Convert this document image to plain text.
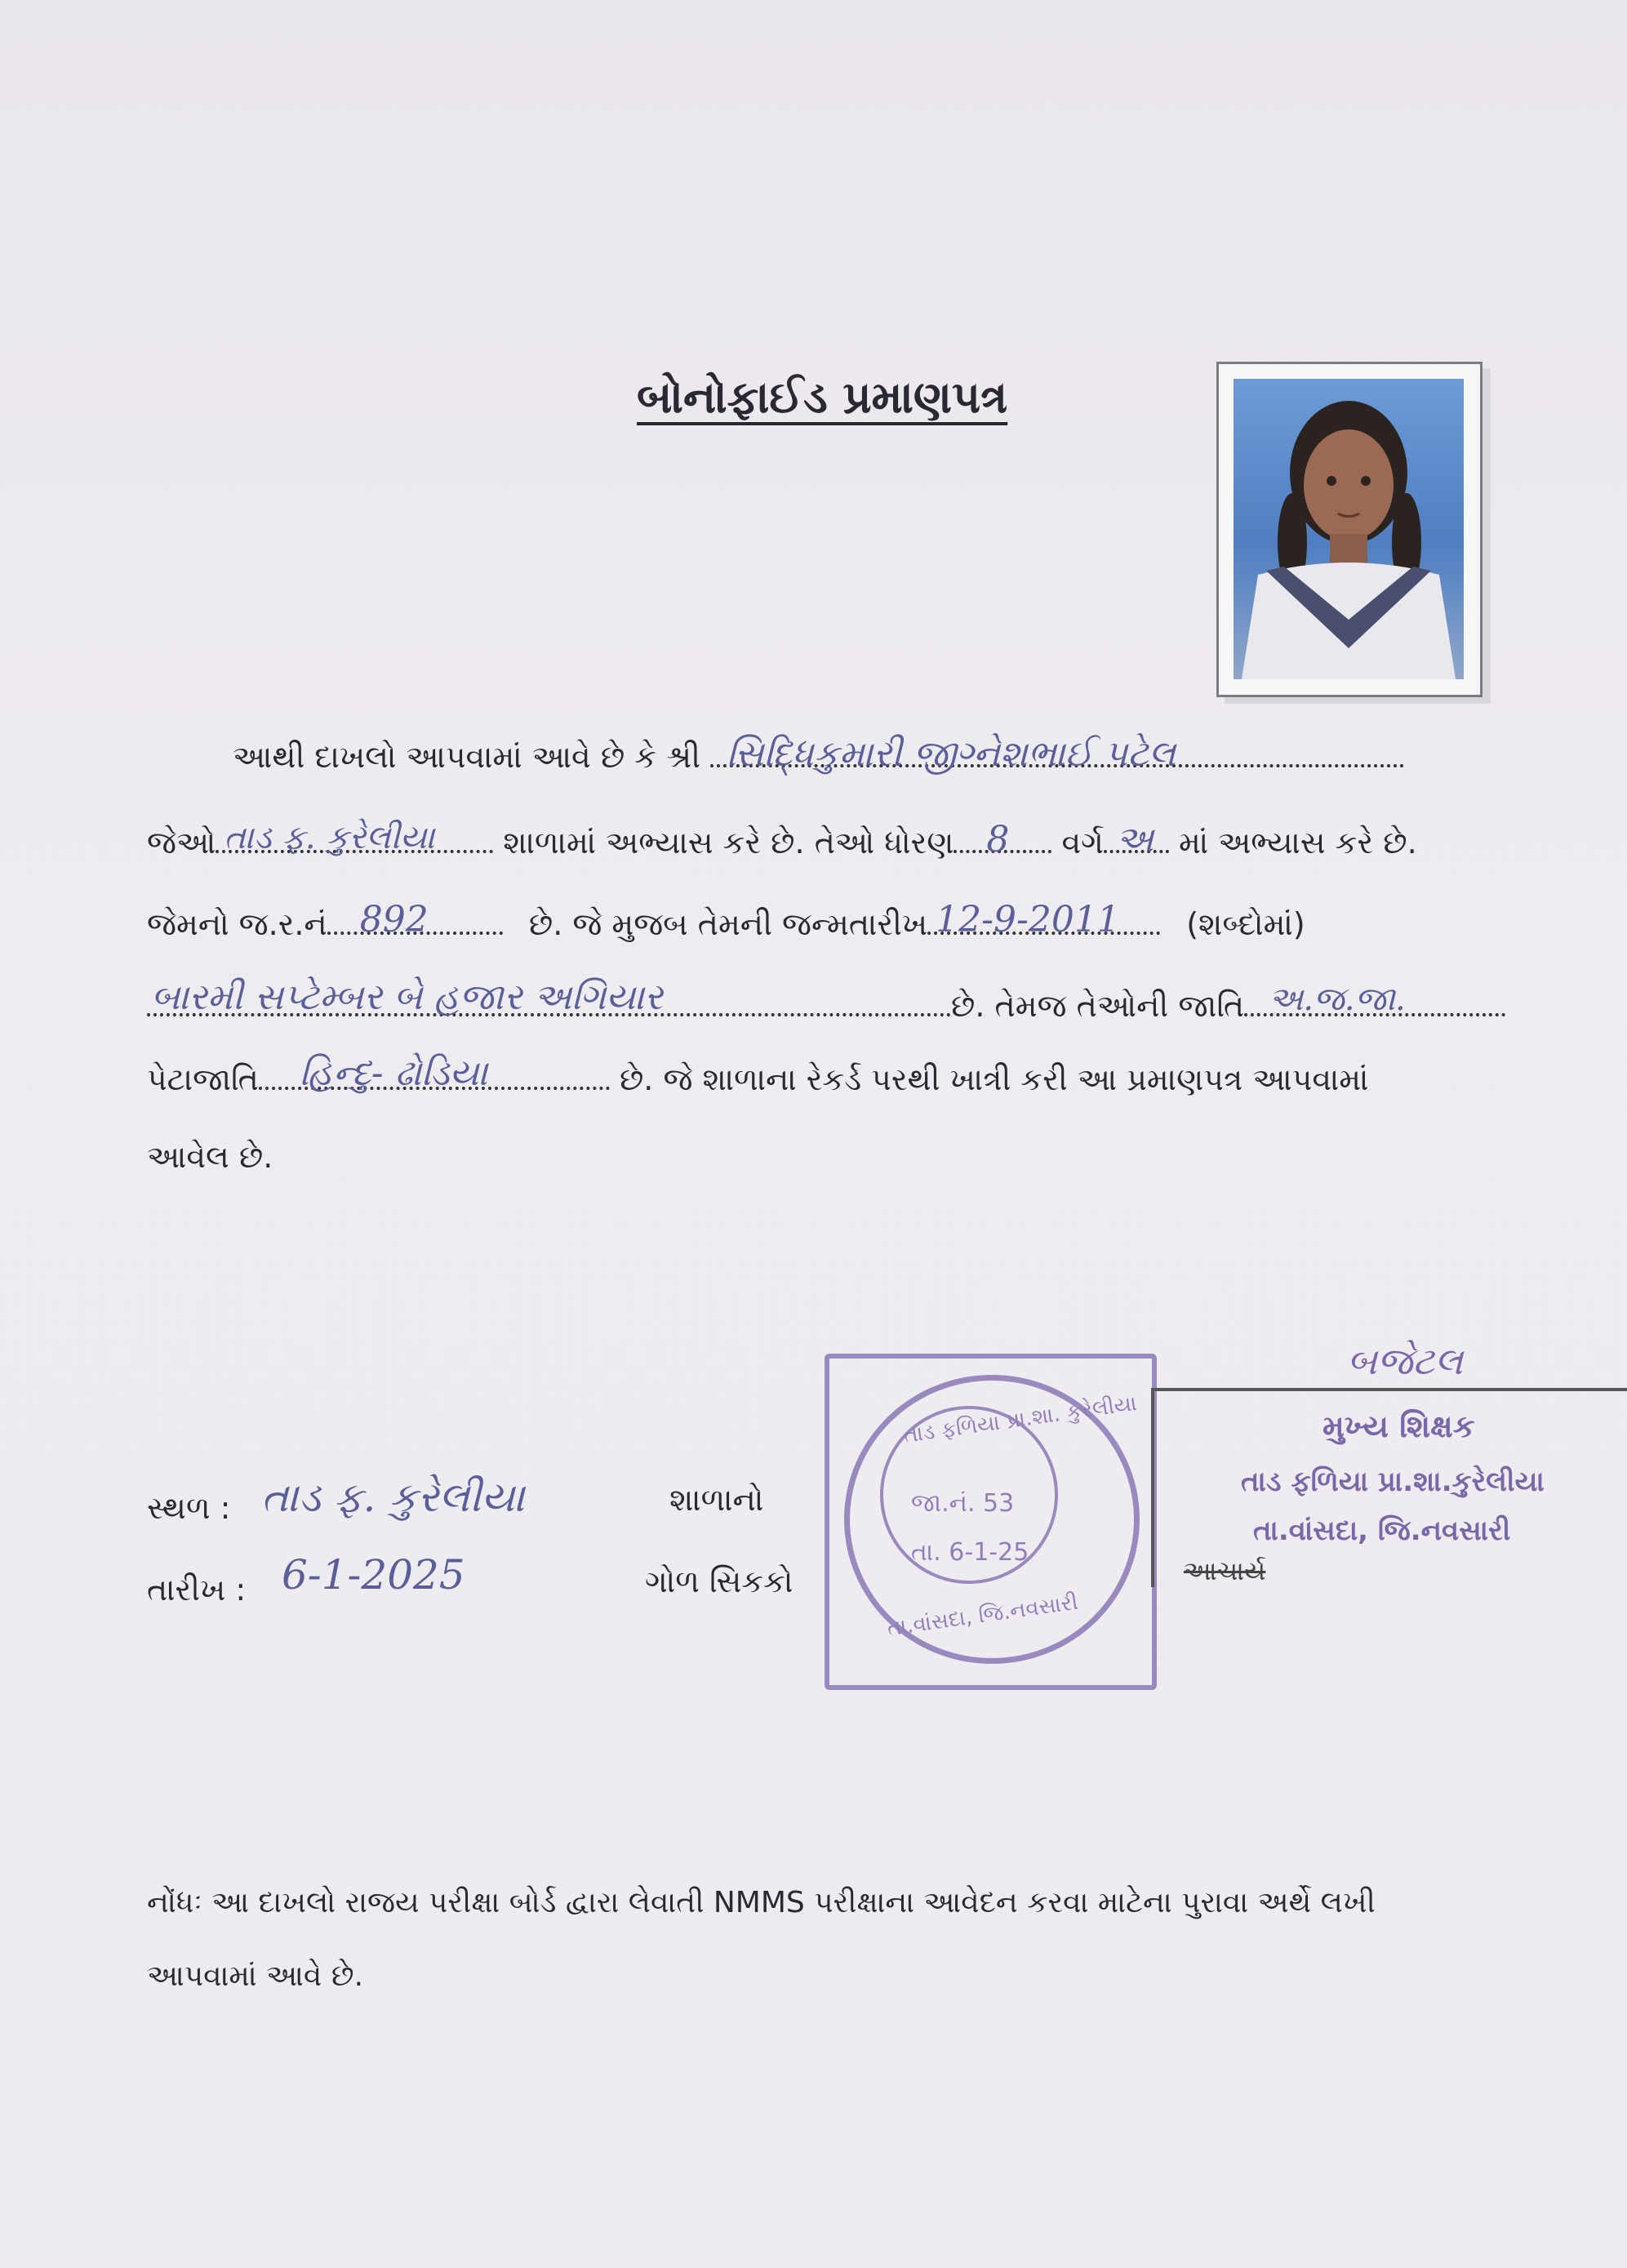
બોનોફાઈડ પ્રમાણપત્ર
આથી દાખલો આપવામાં આવે છે કે શ્રી સિદ્ધિકુમારી જીગ્નેશભાઈ પટેલ
જેઓ તાડ ફ. કુરેલીયા શાળામાં અભ્યાસ કરે છે. તેઓ ધોરણ 8 વર્ગ અ માં અભ્યાસ કરે છે.
જેમનો જ.ર.નં 892	છે. જે મુજબ તેમની જન્મતારીખ 12-9-2011 (શબ્દોમાં)
બારમી સપ્ટેમ્બર બે હજાર અગિયાર	છે. તેમજ તેઓની જાતિ અ.જ.જા.
પેટાજાતિ હિન્દુ- ઢોડિયા	છે. જે શાળાના રેકર્ડ પરથી ખાત્રી કરી આ પ્રમાણપત્ર આપવામાં
આવેલ છે.
સ્થળ : તાડ ફ. કુરેલીયા
તારીખ : 6-1-2025
શાળાનો
ગોળ સિકકો
તાડ ફળિયા પ્રા.શા. કુરેલીયા
જા.નં. 53
તા. 6-1-25
તા.વાંસદા, જિ.નવસારી
બજેટલ
મુખ્ય શિક્ષક
તાડ ફળિયા પ્રા.શા.કુરેલીયા
તા.વાંસદા, જિ.નવસારી
આચાર્ય
નોંધઃ આ દાખલો રાજય પરીક્ષા બોર્ડ દ્વારા લેવાતી NMMS પરીક્ષાના આવેદન કરવા માટેના પુરાવા અર્થે લખી
આપવામાં આવે છે.
